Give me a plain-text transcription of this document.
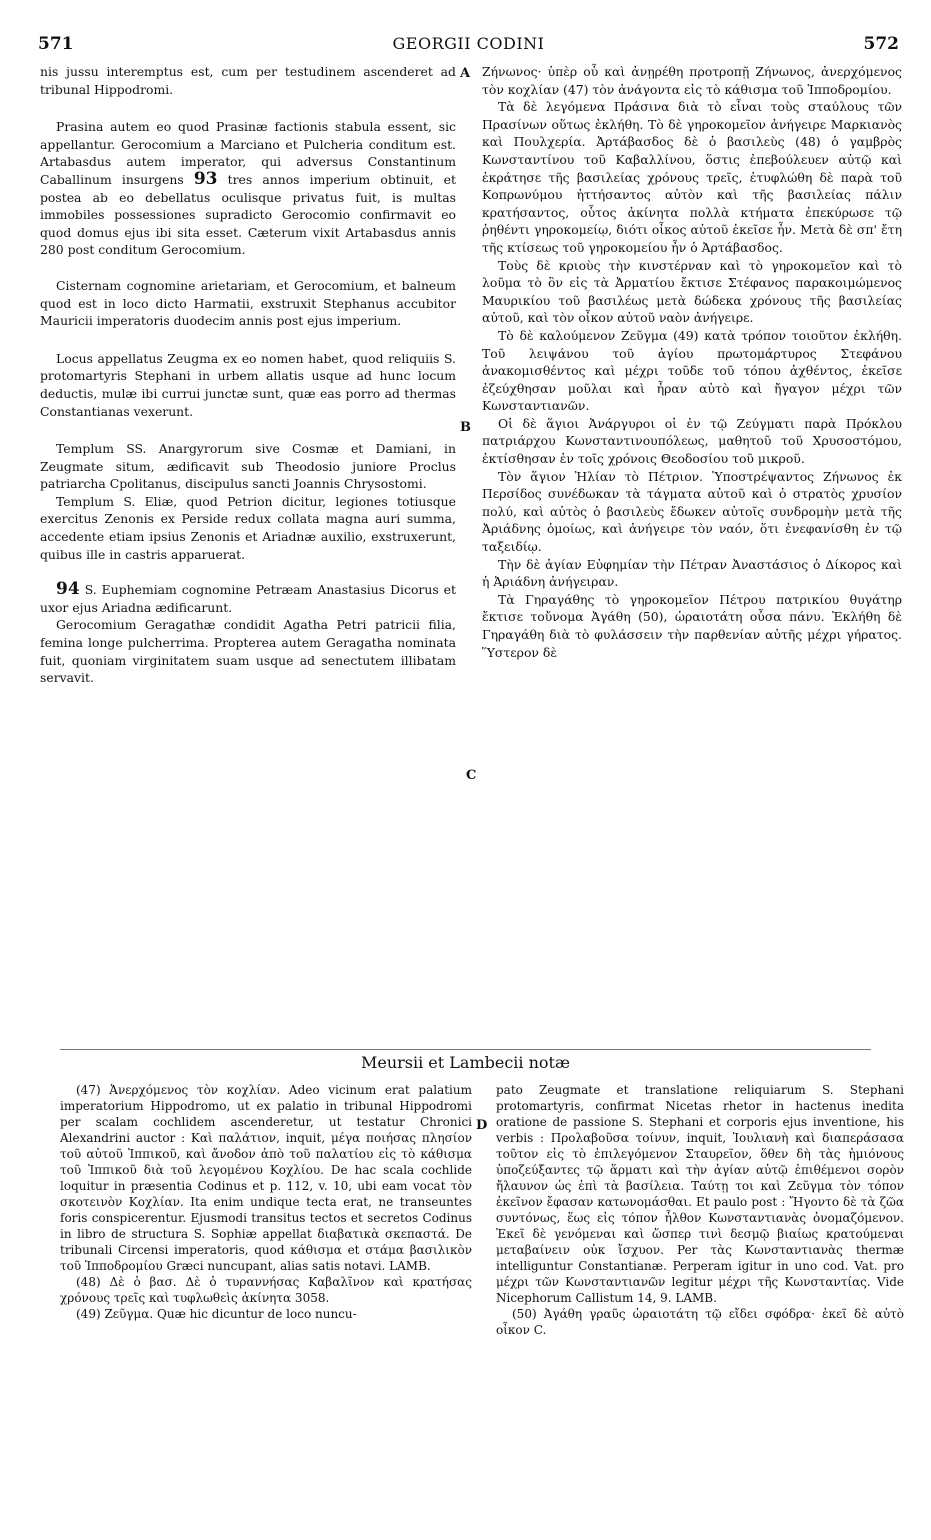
571	GEORGII CODINI	572

nis jussu interemptus est, cum per testudinem ascenderet ad tribunal Hippodromi.

Prasina autem eo quod Prasinæ factionis stabula essent, sic appellantur. Gerocomium a Marciano et Pulcheria conditum est. Artabasdus autem imperator, qui adversus Constantinum Caballinum insurgens 93 tres annos imperium obtinuit, et postea ab eo debellatus oculisque privatus fuit, is multas immobiles possessiones supradicto Gerocomio confirmavit eo quod domus ejus ibi sita esset. Cæterum vixit Artabasdus annis 280 post conditum Gerocomium.

Cisternam cognomine arietariam, et Gerocomium, et balneum quod est in loco dicto Harmatii, exstruxit Stephanus accubitor Mauricii imperatoris duodecim annis post ejus imperium.

Locus appellatus Zeugma ex eo nomen habet, quod reliquiis S. protomartyris Stephani in urbem allatis usque ad hunc locum deductis, mulæ ibi currui junctæ sunt, quæ eas porro ad thermas Constantianas vexerunt.

Templum SS. Anargyrorum sive Cosmæ et Damiani, in Zeugmate situm, ædificavit sub Theodosio juniore Proclus patriarcha Cpolitanus, discipulus sancti Joannis Chrysostomi.

Templum S. Eliæ, quod Petrion dicitur, legiones totiusque exercitus Zenonis ex Perside redux collata magna auri summa, accedente etiam ipsius Zenonis et Ariadnæ auxilio, exstruxerunt, quibus ille in castris apparuerat.

94 S. Euphemiam cognomine Petræam Anastasius Dicorus et uxor ejus Ariadna ædificarunt.

Gerocomium Geragathæ condidit Agatha Petri patricii filia, femina longe pulcherrima. Propterea autem Geragatha nominata fuit, quoniam virginitatem suam usque ad senectutem illibatam servavit.

A
B
C

Ζήνωνος· ὑπὲρ οὗ καὶ ἀνῃρέθη προτροπῇ Ζήνωνος, ἀνερχόμενος τὸν κοχλίαν (47) τὸν ἀνάγοντα εἰς τὸ κάθισμα τοῦ Ἱπποδρομίου.

Τὰ δὲ λεγόμενα Πράσινα διὰ τὸ εἶναι τοὺς σταύλους τῶν Πρασίνων οὕτως ἐκλήθη. Τὸ δὲ γηροκομεῖον ἀνήγειρε Μαρκιανὸς καὶ Πουλχερία. Ἀρτάβασδος δὲ ὁ βασιλεὺς (48) ὁ γαμβρὸς Κωνσταντίνου τοῦ Καβαλλίνου, ὅστις ἐπεβούλευεν αὐτῷ καὶ ἐκράτησε τῆς βασιλείας χρόνους τρεῖς, ἐτυφλώθη δὲ παρὰ τοῦ Κοπρωνύμου ἡττήσαντος αὐτὸν καὶ τῆς βασιλείας πάλιν κρατήσαντος, οὗτος ἀκίνητα πολλὰ κτήματα ἐπεκύρωσε τῷ ῥηθέντι γηροκομείῳ, διότι οἶκος αὐτοῦ ἐκεῖσε ἦν. Μετὰ δὲ σπ' ἔτη τῆς κτίσεως τοῦ γηροκομείου ἦν ὁ Ἀρτάβασδος.

Τοὺς δὲ κριοὺς τὴν κινστέρναν καὶ τὸ γηροκομεῖον καὶ τὸ λοῦμα τὸ ὂν εἰς τὰ Ἀρματίου ἔκτισε Στέφανος παρακοιμώμενος Μαυρικίου τοῦ βασιλέως μετὰ δώδεκα χρόνους τῆς βασιλείας αὐτοῦ, καὶ τὸν οἶκον αὐτοῦ ναὸν ἀνήγειρε.

Τὸ δὲ καλούμενον Ζεῦγμα (49) κατὰ τρόπον τοιοῦτον ἐκλήθη. Τοῦ λειψάνου τοῦ ἁγίου πρωτομάρτυρος Στεφάνου ἀνακομισθέντος καὶ μέχρι τοῦδε τοῦ τόπου ἀχθέντος, ἐκεῖσε ἐζεύχθησαν μοῦλαι καὶ ἦραν αὐτὸ καὶ ἤγαγον μέχρι τῶν Κωνσταντιανῶν.

Οἱ δὲ ἅγιοι Ἀνάργυροι οἱ ἐν τῷ Ζεύγματι παρὰ Πρόκλου πατριάρχου Κωνσταντινουπόλεως, μαθητοῦ τοῦ Χρυσοστόμου, ἐκτίσθησαν ἐν τοῖς χρόνοις Θεοδοσίου τοῦ μικροῦ.

Τὸν ἅγιον Ἠλίαν τὸ Πέτριον. Ὑποστρέψαντος Ζήνωνος ἐκ Περσίδος συνέδωκαν τὰ τάγματα αὐτοῦ καὶ ὁ στρατὸς χρυσίον πολύ, καὶ αὐτὸς ὁ βασιλεὺς ἔδωκεν αὐτοῖς συνδρομὴν μετὰ τῆς Ἀριάδνης ὁμοίως, καὶ ἀνήγειρε τὸν ναόν, ὅτι ἐνεφανίσθη ἐν τῷ ταξειδίῳ.

Τὴν δὲ ἁγίαν Εὐφημίαν τὴν Πέτραν Ἀναστάσιος ὁ Δίκορος καὶ ἡ Ἀριάδνη ἀνήγειραν.

Τὰ Γηραγάθης τὸ γηροκομεῖον Πέτρου πατρικίου θυγάτηρ ἔκτισε τοὔνομα Ἀγάθη (50), ὡραιοτάτη οὖσα πάνυ. Ἐκλήθη δὲ Γηραγάθη διὰ τὸ φυλάσσειν τὴν παρθενίαν αὐτῆς μέχρι γήρατος. Ὕστερον δὲ

Meursii et Lambecii notæ

(47) Ἀνερχόμενος τὸν κοχλίαν. Adeo vicinum erat palatium imperatorium Hippodromo, ut ex palatio in tribunal Hippodromi per scalam cochlidem ascenderetur, ut testatur Chronici Alexandrini auctor : Καὶ παλάτιον, inquit, μέγα ποιήσας πλησίον τοῦ αὐτοῦ Ἱππικοῦ, καὶ ἄνοδον ἀπὸ τοῦ παλατίου εἰς τὸ κάθισμα τοῦ Ἱππικοῦ διὰ τοῦ λεγομένου Κοχλίου. De hac scala cochlide loquitur in præsentia Codinus et p. 112, v. 10, ubi eam vocat τὸν σκοτεινὸν Κοχλίαν. Ita enim undique tecta erat, ne transeuntes foris conspicerentur. Ejusmodi transitus tectos et secretos Codinus in libro de structura S. Sophiæ appellat διαβατικὰ σκεπαστά. De tribunali Circensi imperatoris, quod κάθισμα et στάμα βασιλικὸν τοῦ Ἱπποδρομίου Græci nuncupant, alias satis notavi. LAMB.

(48) Δὲ ὁ βασ. Δὲ ὁ τυραννήσας Καβαλῖνον καὶ κρατήσας χρόνους τρεῖς καὶ τυφλωθεὶς ἀκίνητα 3058.

(49) Ζεῦγμα. Quæ hic dicuntur de loco nuncu-

D

pato Zeugmate et translatione reliquiarum S. Stephani protomartyris, confirmat Nicetas rhetor in hactenus inedita oratione de passione S. Stephani et corporis ejus inventione, his verbis : Προλαβοῦσα τοίνυν, inquit, Ἰουλιανὴ καὶ διαπεράσασα τοῦτον εἰς τὸ ἐπιλεγόμενον Σταυρεῖον, ὅθεν δὴ τὰς ἡμιόνους ὑποζεύξαντες τῷ ἅρματι καὶ τὴν ἁγίαν αὐτῷ ἐπιθέμενοι σορὸν ἤλαυνον ὡς ἐπὶ τὰ βασίλεια. Ταύτῃ τοι καὶ Ζεῦγμα τὸν τόπον ἐκεῖνον ἔφασαν κατωνομάσθαι. Et paulo post : Ἤγοντο δὲ τὰ ζῶα συντόνως, ἕως εἰς τόπον ἦλθον Κωνσταντιανὰς ὀνομαζόμενον. Ἐκεῖ δὲ γενόμεναι καὶ ὥσπερ τινὶ δεσμῷ βιαίως κρατούμεναι μεταβαίνειν οὐκ ἴσχυον. Per τὰς Κωνσταντιανὰς thermæ intelliguntur Constantianæ. Perperam igitur in uno cod. Vat. pro μέχρι τῶν Κωνσταντιανῶν legitur μέχρι τῆς Κωνσταντίας. Vide Nicephorum Callistum 14, 9. LAMB.

(50) Ἀγάθη γραῦς ὡραιοτάτη τῷ εἴδει σφόδρα· ἐκεῖ δὲ αὐτὸ οἶκον C.
